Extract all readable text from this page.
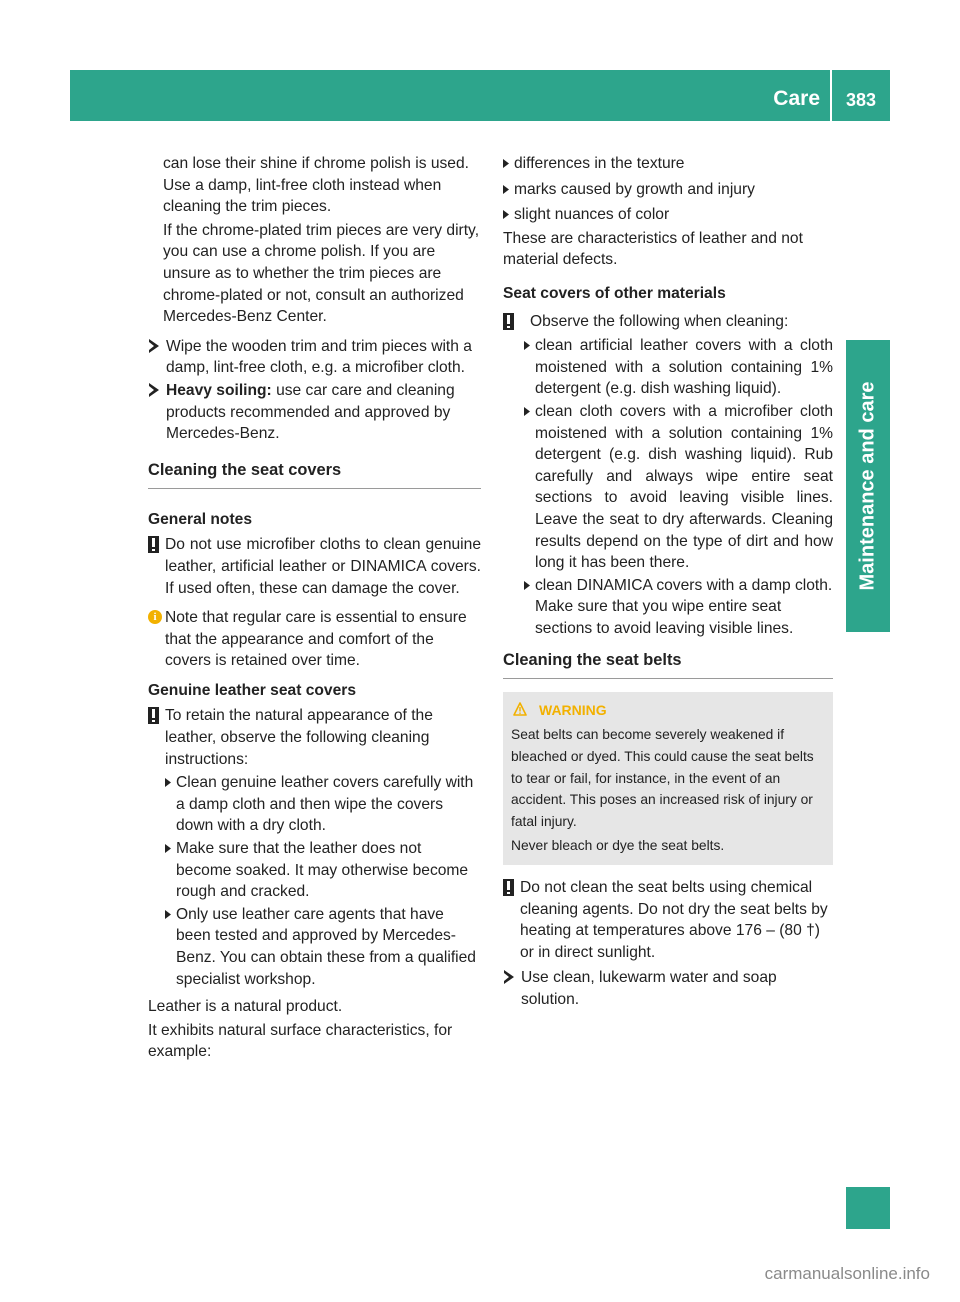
Care	383
Maintenance and care

can lose their shine if chrome polish is used. Use a damp, lint-free cloth instead when cleaning the trim pieces.

If the chrome-plated trim pieces are very dirty, you can use a chrome polish. If you are unsure as to whether the trim pieces are chrome-plated or not, consult an authorized Mercedes-Benz Center.

Wipe the wooden trim and trim pieces with a damp, lint-free cloth, e.g. a microfiber cloth.
Heavy soiling: use car care and cleaning products recommended and approved by Mercedes-Benz.
Cleaning the seat covers
General notes
Do not use microfiber cloths to clean genuine leather, artificial leather or DINAMICA covers. If used often, these can damage the cover.
i Note that regular care is essential to ensure that the appearance and comfort of the covers is retained over time.
Genuine leather seat covers
To retain the natural appearance of the leather, observe the following cleaning instructions:
Clean genuine leather covers carefully with a damp cloth and then wipe the covers down with a dry cloth.
Make sure that the leather does not become soaked. It may otherwise become rough and cracked.
Only use leather care agents that have been tested and approved by Mercedes-Benz. You can obtain these from a qualified specialist workshop.

Leather is a natural product.

It exhibits natural surface characteristics, for example:

differences in the texture
marks caused by growth and injury
slight nuances of color

These are characteristics of leather and not material defects.

Seat covers of other materials
Observe the following when cleaning:
clean artificial leather covers with a cloth moistened with a solution containing 1% detergent (e.g. dish washing liquid).
clean cloth covers with a microfiber cloth moistened with a solution containing 1% detergent (e.g. dish washing liquid). Rub carefully and always wipe entire seat sections to avoid leaving visible lines. Leave the seat to dry afterwards. Cleaning results depend on the type of dirt and how long it has been there.
clean DINAMICA covers with a damp cloth. Make sure that you wipe entire seat sections to avoid leaving visible lines.
Cleaning the seat belts
WARNING

Seat belts can become severely weakened if bleached or dyed. This could cause the seat belts to tear or fail, for instance, in the event of an accident. This poses an increased risk of injury or fatal injury.

Never bleach or dye the seat belts.

Do not clean the seat belts using chemical cleaning agents. Do not dry the seat belts by heating at temperatures above 176 ‒ (80 †) or in direct sunlight.
Use clean, lukewarm water and soap solution.
carmanualsonline.info
